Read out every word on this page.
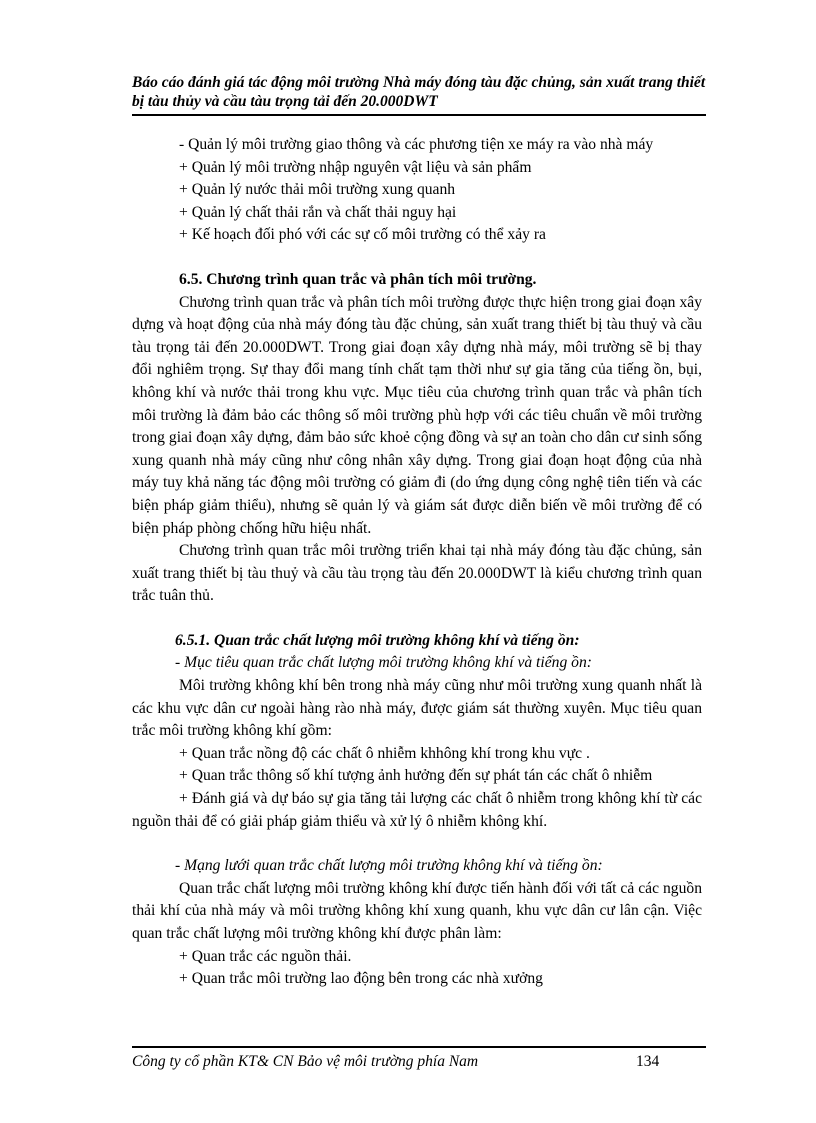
Báo cáo đánh giá tác động môi trường Nhà máy đóng tàu đặc chủng, sản xuất trang thiết bị tàu thủy và cầu tàu trọng tải đến 20.000DWT

- Quản lý môi trường giao thông và các phương tiện xe máy ra vào nhà máy

+ Quản lý môi trường nhập nguyên vật liệu và sản phẩm

+ Quản lý nước thải môi trường xung quanh

+ Quản lý chất thải rắn và chất thải nguy hại

+ Kế hoạch đối phó với các sự cố môi trường có thể xảy ra

6.5. Chương trình quan trắc và phân tích môi trường.

Chương trình quan trắc và phân tích môi trường được thực hiện trong giai đoạn xây dựng và hoạt động của nhà máy đóng tàu đặc chủng, sản xuất trang thiết bị tàu thuỷ và cầu tàu trọng tải đến 20.000DWT. Trong giai đoạn xây dựng nhà máy, môi trường sẽ bị thay đổi nghiêm trọng. Sự thay đổi mang tính chất tạm thời như sự gia tăng của tiếng ồn, bụi, không khí và nước thải trong khu vực. Mục tiêu của chương trình quan trắc và phân tích môi trường là đảm bảo các thông số môi trường phù hợp với các tiêu chuẩn về môi trường trong giai đoạn xây dựng, đảm bảo sức khoẻ cộng đồng và sự an toàn cho dân cư sinh sống xung quanh nhà máy cũng như công nhân xây dựng. Trong giai đoạn hoạt động của nhà máy tuy khả năng tác động môi trường có giảm đi (do ứng dụng công nghệ tiên tiến và các biện pháp giảm thiểu), nhưng sẽ quản lý và giám sát được diễn biến về môi trường để có biện pháp phòng chống hữu hiệu nhất.

Chương trình quan trắc môi trường triển khai tại nhà máy đóng tàu đặc chủng, sản xuất trang thiết bị tàu thuỷ và cầu tàu trọng tàu đến 20.000DWT là kiểu chương trình quan trắc tuân thủ.

6.5.1. Quan trắc chất lượng môi trường không khí và tiếng ồn:

- Mục tiêu quan trắc chất lượng môi trường không khí và tiếng ồn:

Môi trường không khí bên trong nhà máy cũng như môi trường xung quanh nhất là các khu vực dân cư ngoài hàng rào nhà máy, được giám sát thường xuyên. Mục tiêu quan trắc môi trường không khí gồm:

+ Quan trắc nồng độ các chất ô nhiễm khhông khí trong khu vực .

+ Quan trắc thông số khí tượng ảnh hưởng đến sự phát tán các chất ô nhiễm

+ Đánh giá và dự báo sự gia tăng tải lượng các chất ô nhiễm trong không khí từ các nguồn thải để có giải pháp giảm thiểu và xử lý ô nhiễm không khí.

- Mạng lưới quan trắc chất lượng môi trường không khí và tiếng ồn:

Quan trắc chất lượng môi trường không khí được tiến hành đối với tất cả các nguồn thải khí của nhà máy và môi trường không khí xung quanh, khu vực dân cư lân cận. Việc quan trắc chất lượng môi trường không khí được phân làm:

+ Quan trắc các nguồn thải.

+ Quan trắc môi trường lao động bên trong các nhà xưởng

Công ty cổ phần KT& CN Bảo vệ môi trường phía Nam	134
